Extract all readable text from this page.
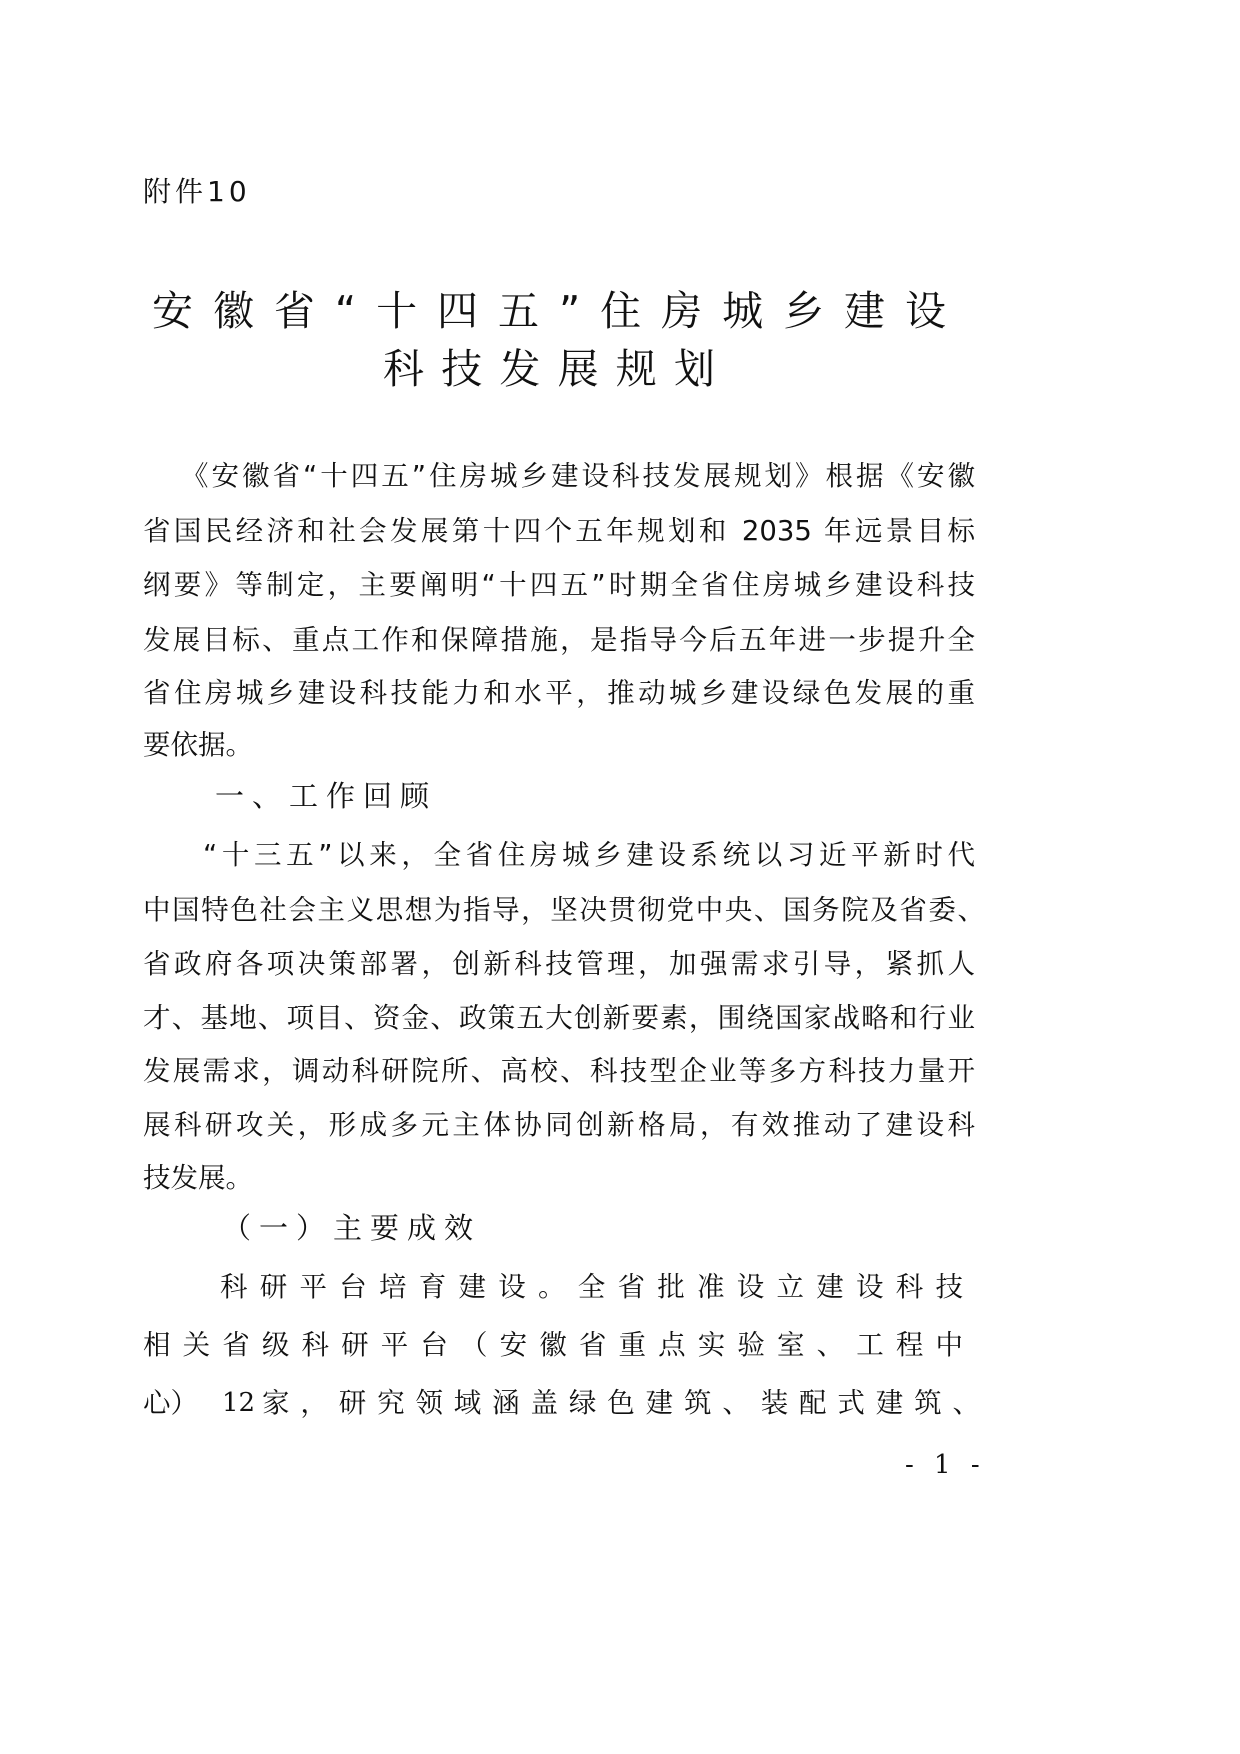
附件10
安徽省“十四五”住房城乡建设
科技发展规划
《安徽省“十四五”住房城乡建设科技发展规划》根据《安徽
省国民经济和社会发展第十四个五年规划和 2035 年远景目标
纲要》等制定，主要阐明“十四五”时期全省住房城乡建设科技
发展目标、重点工作和保障措施，是指导今后五年进一步提升全
省住房城乡建设科技能力和水平，推动城乡建设绿色发展的重
要依据。
一、工作回顾
“十三五”以来，全省住房城乡建设系统以习近平新时代
中国特色社会主义思想为指导，坚决贯彻党中央、国务院及省委、
省政府各项决策部署，创新科技管理，加强需求引导，紧抓人
才、基地、项目、资金、政策五大创新要素，围绕国家战略和行业
发展需求，调动科研院所、高校、科技型企业等多方科技力量开
展科研攻关，形成多元主体协同创新格局，有效推动了建设科
技发展。
（一）主要成效
科研平台培育建设。全省批准设立建设科技
相关省级科研平台（安徽省重点实验室、工程中
心） 12 家，研究领域涵盖绿色建筑、装配式建筑、
- 1 -
